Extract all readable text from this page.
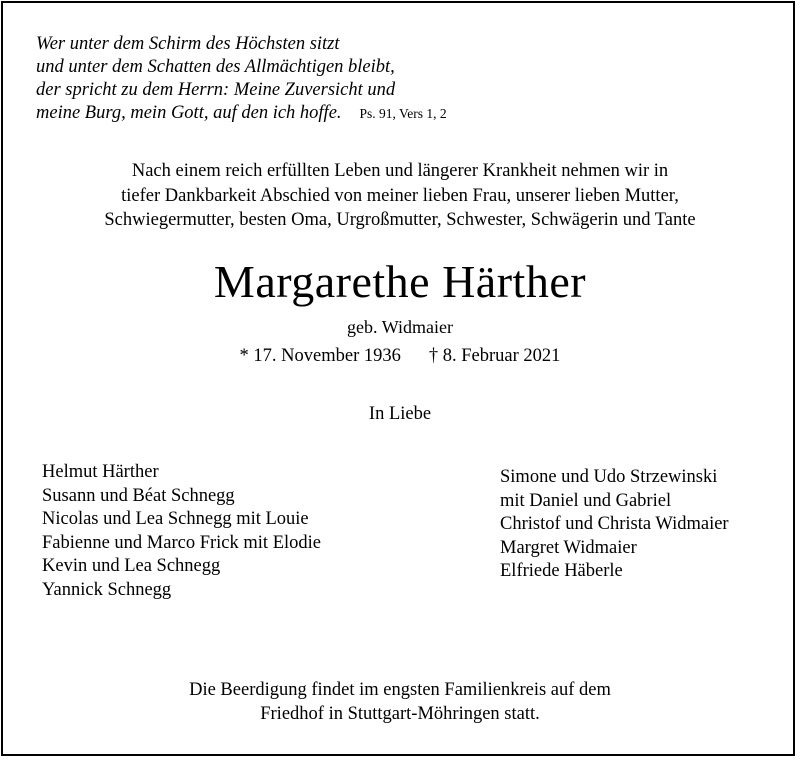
Wer unter dem Schirm des Höchsten sitzt
und unter dem Schatten des Allmächtigen bleibt,
der spricht zu dem Herrn: Meine Zuversicht und
meine Burg, mein Gott, auf den ich hoffe. Ps. 91, Vers 1, 2
Nach einem reich erfüllten Leben und längerer Krankheit nehmen wir in
tiefer Dankbarkeit Abschied von meiner lieben Frau, unserer lieben Mutter,
Schwiegermutter, besten Oma, Urgroßmutter, Schwester, Schwägerin und Tante
Margarethe Härther
geb. Widmaier
* 17. November 1936 † 8. Februar 2021
In Liebe
Helmut Härther
Susann und Béat Schnegg
Nicolas und Lea Schnegg mit Louie
Fabienne und Marco Frick mit Elodie
Kevin und Lea Schnegg
Yannick Schnegg
Simone und Udo Strzewinski
mit Daniel und Gabriel
Christof und Christa Widmaier
Margret Widmaier
Elfriede Häberle
Die Beerdigung findet im engsten Familienkreis auf dem
Friedhof in Stuttgart-Möhringen statt.
